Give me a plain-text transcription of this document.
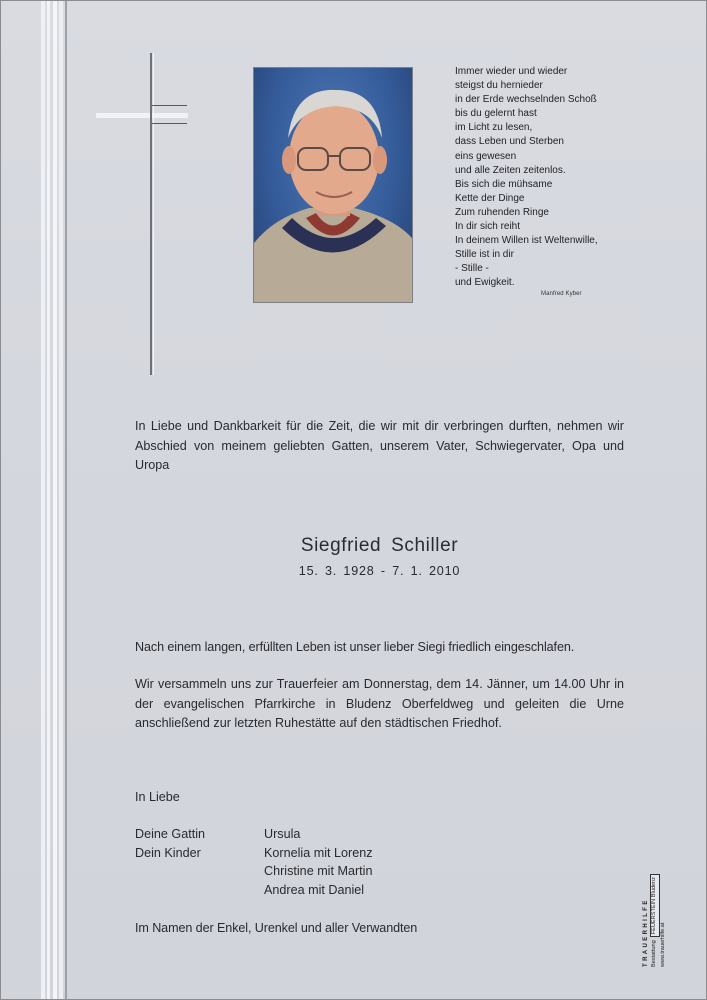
Immer wieder und wieder
steigst du hernieder
in der Erde wechselnden Schoß
bis du gelernt hast
im Licht zu lesen,
dass Leben und Sterben
eins gewesen
und alle Zeiten zeitenlos.
Bis sich die mühsame
Kette der Dinge
Zum ruhenden Ringe
In dir sich reiht
In deinem Willen ist Weltenwille,
Stille ist in dir
- Stille -
und Ewigkeit.
Manfred Kyber
In Liebe und Dankbarkeit für die Zeit, die wir mit dir verbringen durften, nehmen wir Abschied von meinem geliebten Gatten, unserem Vater, Schwiegervater, Opa und Uropa
Siegfried Schiller
15. 3. 1928 - 7. 1. 2010
Nach einem langen, erfüllten Leben ist unser lieber Siegi friedlich eingeschlafen.
Wir versammeln uns zur Trauerfeier am Donnerstag, dem 14. Jänner, um 14.00 Uhr in der evangelischen Pfarrkirche in Bludenz Oberfeldweg und geleiten die Urne anschließend zur letzten Ruhestätte auf den städtischen Friedhof.
In Liebe
Deine Gattin
Dein Kinder
Ursula
Kornelia mit Lorenz
Christine mit Martin
Andrea mit Daniel
Im Namen der Enkel, Urenkel und aller Verwandten	TRAUERHILFE Bestattung
FEUERSTEIN Bludenz
www.trauerhilfe.at
